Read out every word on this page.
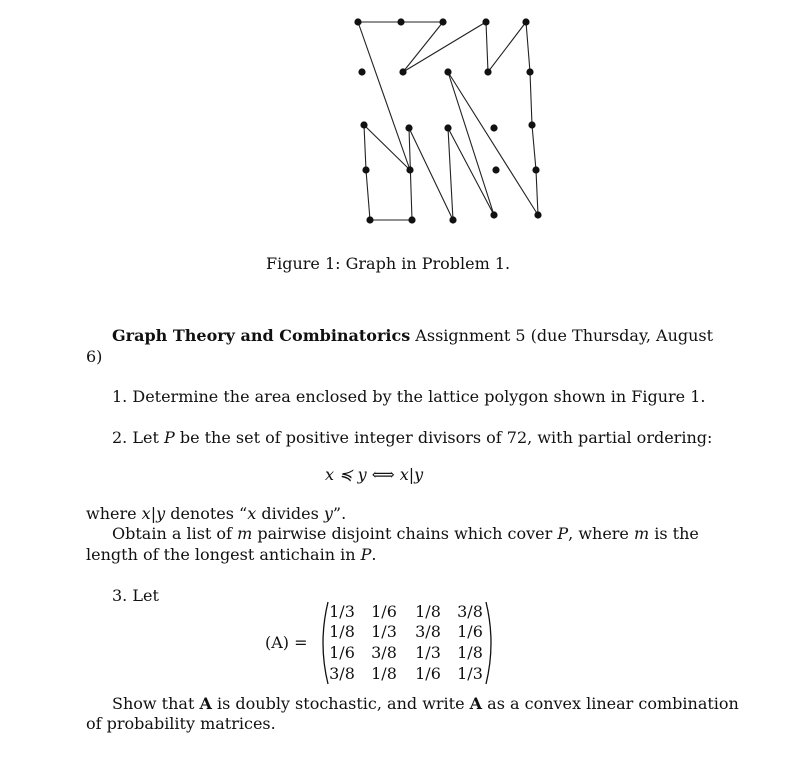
Figure 1: Graph in Problem 1.
Graph Theory and Combinatorics Assignment 5 (due Thursday, August
6)
1. Determine the area enclosed by the lattice polygon shown in Figure 1.
2. Let P be the set of positive integer divisors of 72, with partial ordering:
x ≼ y ⟺ x|y
where x|y denotes “x divides y”.
Obtain a list of m pairwise disjoint chains which cover P, where m is the
length of the longest antichain in P.
3. Let
(A) =
1/3	1/6	1/8	3/8
1/8	1/3	3/8	1/6
1/6	3/8	1/3	1/8
3/8	1/8	1/6	1/3
Show that A is doubly stochastic, and write A as a convex linear combination
of probability matrices.
